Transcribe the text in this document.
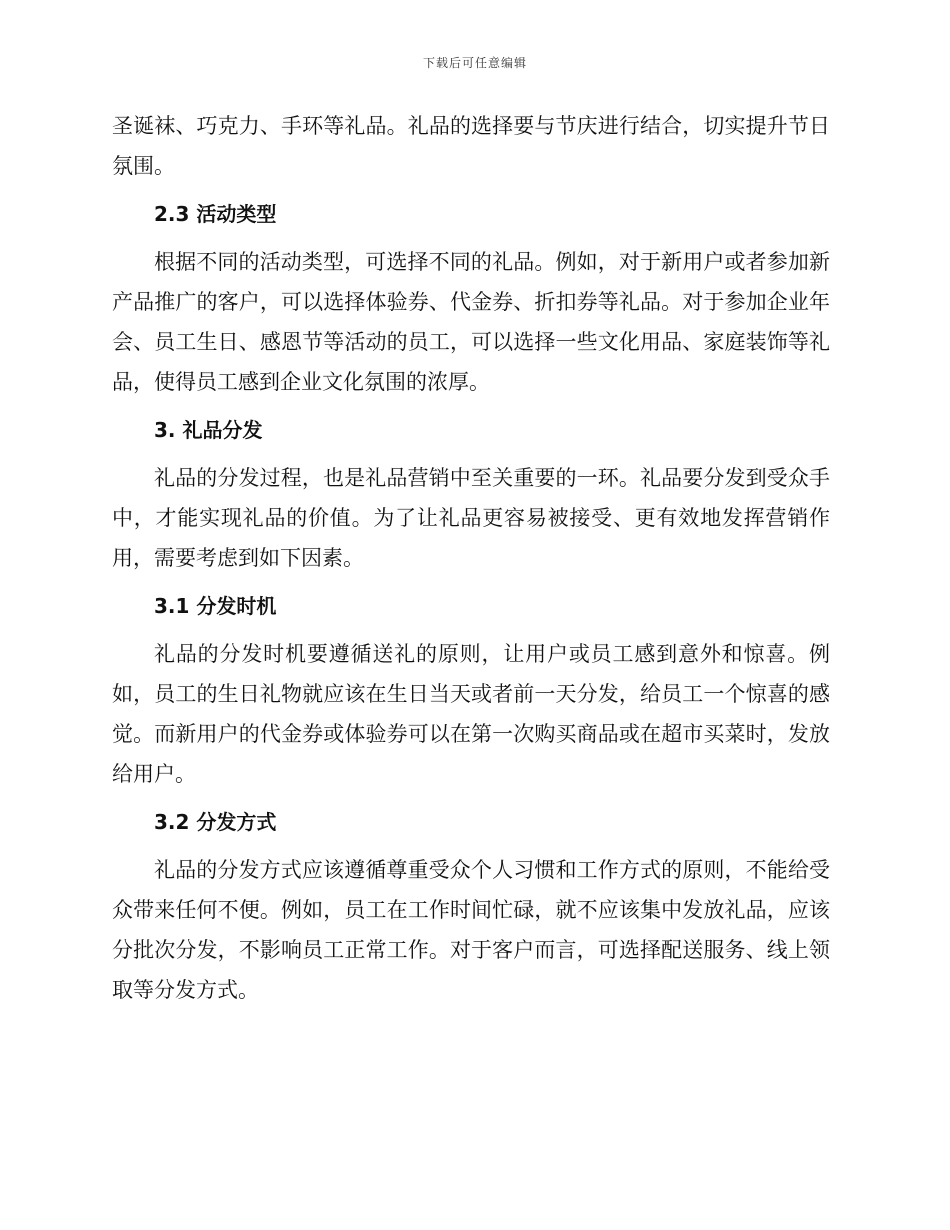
下载后可任意编辑

圣诞袜、巧克力、手环等礼品。礼品的选择要与节庆进行结合，切实提升节日氛围。

2.3 活动类型

根据不同的活动类型，可选择不同的礼品。例如，对于新用户或者参加新产品推广的客户，可以选择体验券、代金券、折扣券等礼品。对于参加企业年会、员工生日、感恩节等活动的员工，可以选择一些文化用品、家庭装饰等礼品，使得员工感到企业文化氛围的浓厚。

3. 礼品分发

礼品的分发过程，也是礼品营销中至关重要的一环。礼品要分发到受众手中，才能实现礼品的价值。为了让礼品更容易被接受、更有效地发挥营销作用，需要考虑到如下因素。

3.1 分发时机

礼品的分发时机要遵循送礼的原则，让用户或员工感到意外和惊喜。例如，员工的生日礼物就应该在生日当天或者前一天分发，给员工一个惊喜的感觉。而新用户的代金券或体验券可以在第一次购买商品或在超市买菜时，发放给用户。

3.2 分发方式

礼品的分发方式应该遵循尊重受众个人习惯和工作方式的原则，不能给受众带来任何不便。例如，员工在工作时间忙碌，就不应该集中发放礼品，应该分批次分发，不影响员工正常工作。对于客户而言，可选择配送服务、线上领取等分发方式。
